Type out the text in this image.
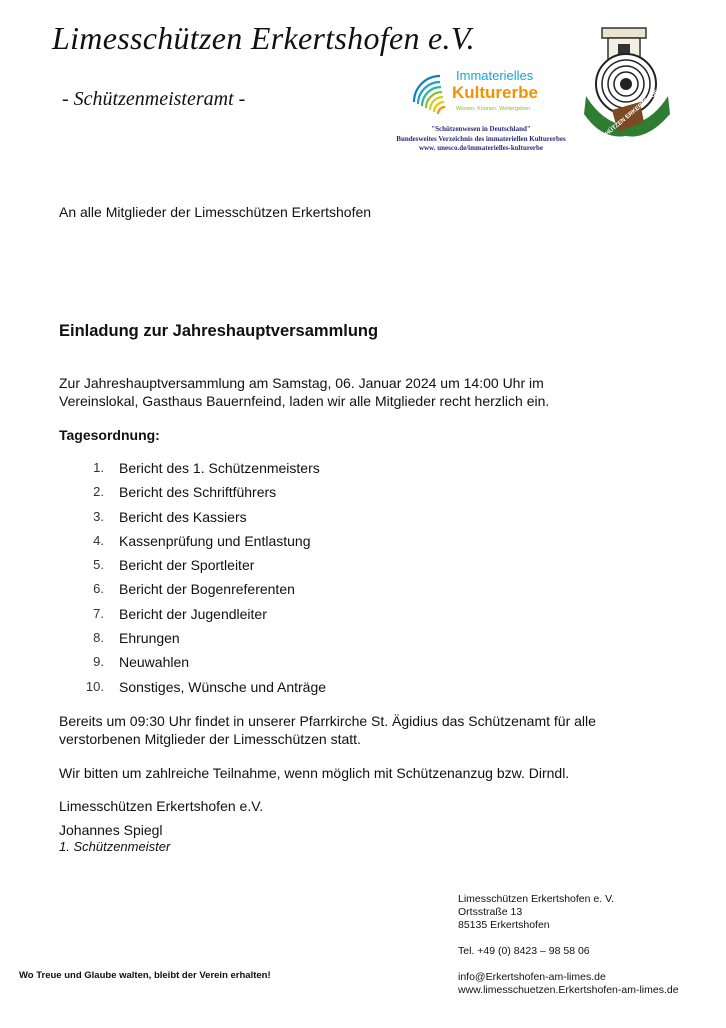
Limesschützen Erkertshofen e.V.
- Schützenmeisteramt -
Immaterielles
Kulturerbe
Wissen. Können. Weitergeben.
"Schützenwesen in Deutschland"
Bundesweites Verzeichnis des immateriellen Kulturerbes
www. unesco.de/immaterielles-kulturerbe
ERKERTSHOFEN
An alle Mitglieder der Limesschützen Erkertshofen
Einladung zur Jahreshauptversammlung
Zur Jahreshauptversammlung am Samstag, 06. Januar 2024 um 14:00 Uhr im Vereinslokal, Gasthaus Bauernfeind, laden wir alle Mitglieder recht herzlich ein.
Tagesordnung:
1.	Bericht des 1. Schützenmeisters
2.	Bericht des Schriftführers
3.	Bericht des Kassiers
4.	Kassenprüfung und Entlastung
5.	Bericht der Sportleiter
6.	Bericht der Bogenreferenten
7.	Bericht der Jugendleiter
8.	Ehrungen
9.	Neuwahlen
10.	Sonstiges, Wünsche und Anträge
Bereits um 09:30 Uhr findet in unserer Pfarrkirche St. Ägidius das Schützenamt für alle verstorbenen Mitglieder der Limesschützen statt.
Wir bitten um zahlreiche Teilnahme, wenn möglich mit Schützenanzug bzw. Dirndl.
Limesschützen Erkertshofen e.V.
Johannes Spiegl
1. Schützenmeister
Limesschützen Erkertshofen e. V.
Ortsstraße 13
85135 Erkertshofen
Tel. +49 (0) 8423 – 98 58 06
info@Erkertshofen-am-limes.de
www.limesschuetzen.Erkertshofen-am-limes.de
Wo Treue und Glaube walten, bleibt der Verein erhalten!
